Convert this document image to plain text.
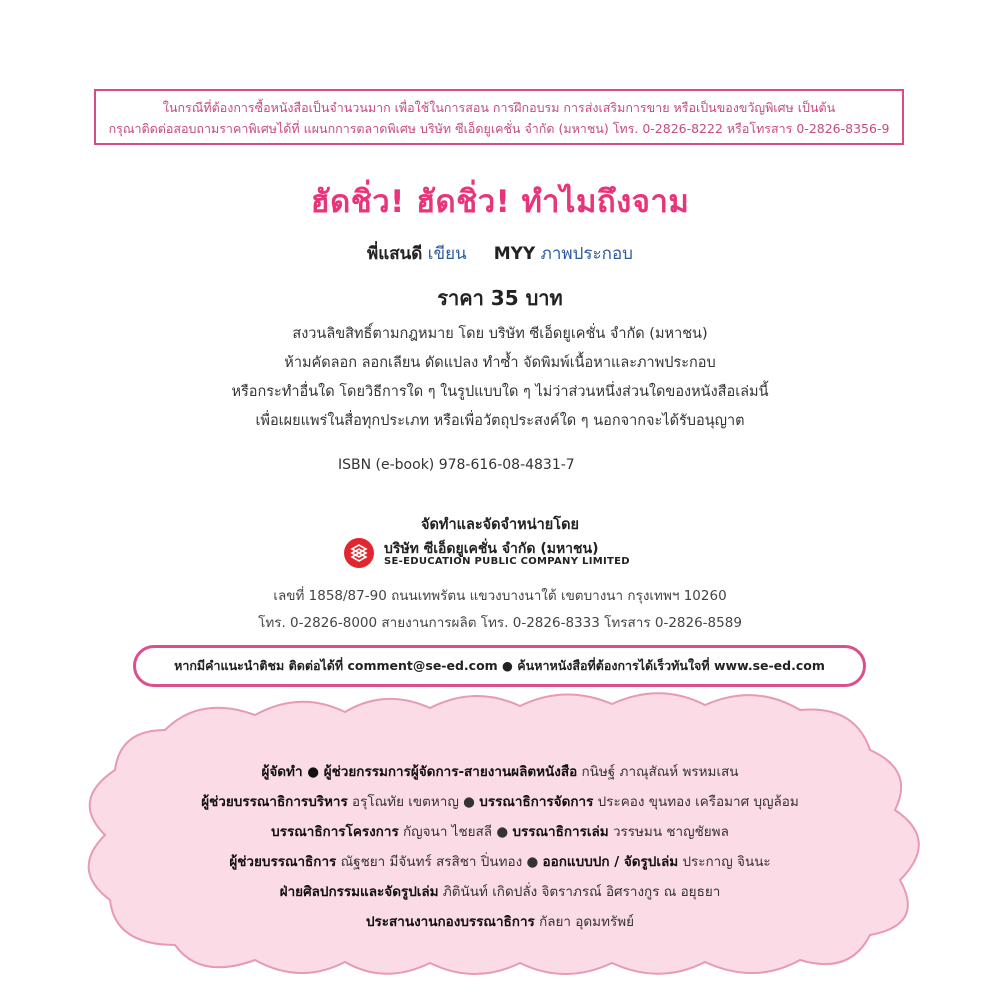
ในกรณีที่ต้องการซื้อหนังสือเป็นจำนวนมาก เพื่อใช้ในการสอน การฝึกอบรม การส่งเสริมการขาย หรือเป็นของขวัญพิเศษ เป็นต้น
กรุณาติดต่อสอบถามราคาพิเศษได้ที่ แผนกการตลาดพิเศษ บริษัท ซีเอ็ดยูเคชั่น จำกัด (มหาชน) โทร. 0-2826-8222 หรือโทรสาร 0-2826-8356-9
ฮัดชิ่ว! ฮัดชิ่ว! ทำไมถึงจาม
พี่แสนดี เขียน MYY ภาพประกอบ
ราคา 35 บาท
สงวนลิขสิทธิ์ตามกฎหมาย โดย บริษัท ซีเอ็ดยูเคชั่น จำกัด (มหาชน)
ห้ามคัดลอก ลอกเลียน ดัดแปลง ทำซ้ำ จัดพิมพ์เนื้อหาและภาพประกอบ
หรือกระทำอื่นใด โดยวิธีการใด ๆ ในรูปแบบใด ๆ ไม่ว่าส่วนหนึ่งส่วนใดของหนังสือเล่มนี้
เพื่อเผยแพร่ในสื่อทุกประเภท หรือเพื่อวัตถุประสงค์ใด ๆ นอกจากจะได้รับอนุญาต
ISBN (e-book) 978-616-08-4831-7
จัดทำและจัดจำหน่ายโดย
บริษัท ซีเอ็ดยูเคชั่น จำกัด (มหาชน)
SE-EDUCATION PUBLIC COMPANY LIMITED
เลขที่ 1858/87-90 ถนนเทพรัตน แขวงบางนาใต้ เขตบางนา กรุงเทพฯ 10260
โทร. 0-2826-8000 สายงานการผลิต โทร. 0-2826-8333 โทรสาร 0-2826-8589
หากมีคำแนะนำติชม ติดต่อได้ที่ comment@se-ed.com ● ค้นหาหนังสือที่ต้องการได้เร็วทันใจที่ www.se-ed.com
ผู้จัดทำ ● ผู้ช่วยกรรมการผู้จัดการ-สายงานผลิตหนังสือ กนิษฐ์ ภาณุสัณห์ พรหมเสน
ผู้ช่วยบรรณาธิการบริหาร อรุโณทัย เขตหาญ ● บรรณาธิการจัดการ ประคอง ขุนทอง เครือมาศ บุญล้อม
บรรณาธิการโครงการ กัญจนา ไชยสลี ● บรรณาธิการเล่ม วรรษมน ชาญชัยพล
ผู้ช่วยบรรณาธิการ ณัฐชยา มีจันทร์ สรสิชา ปิ่นทอง ● ออกแบบปก / จัดรูปเล่ม ประกาญ จินนะ
ฝ่ายศิลปกรรมและจัดรูปเล่ม ภิตินันท์ เกิดปลั่ง จิตราภรณ์ อิศรางกูร ณ อยุธยา
ประสานงานกองบรรณาธิการ กัลยา อุดมทรัพย์
